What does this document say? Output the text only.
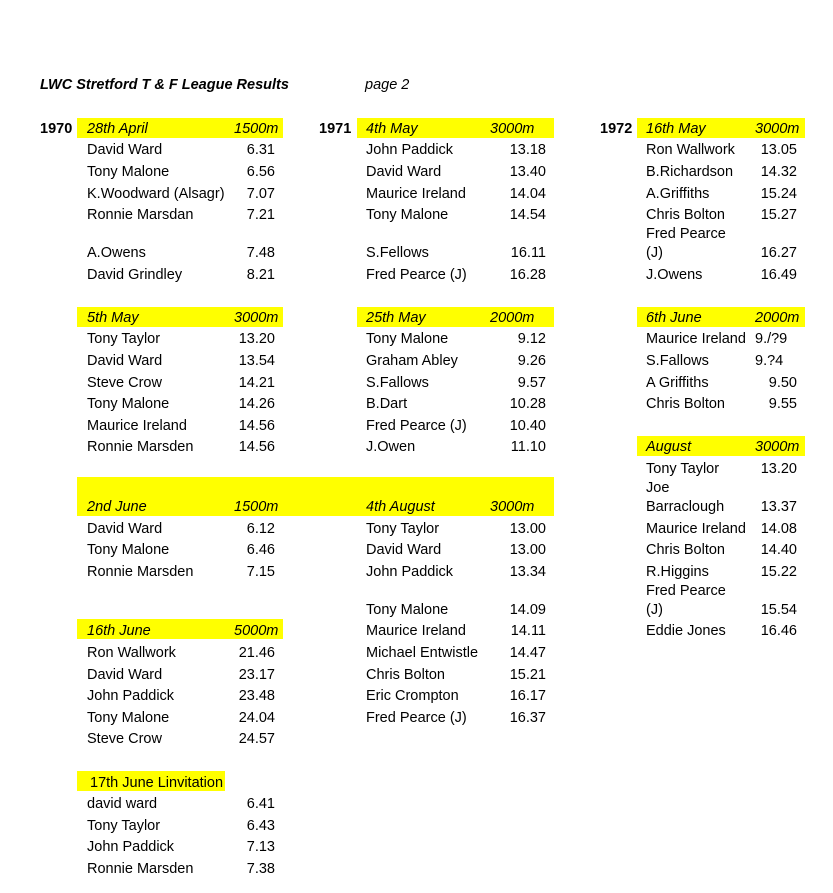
LWC Stretford T & F League Results	page 2
1970	1971	1972
28th April	1500m
David Ward	6.31
Tony Malone	6.56
K.Woodward (Alsagr) 7.07
Ronnie Marsdan	7.21
A.Owens	7.48
David Grindley	8.21
5th May	3000m
Tony Taylor	13.20
David Ward	13.54
Steve Crow	14.21
Tony Malone	14.26
Maurice Ireland	14.56
Ronnie Marsden	14.56
2nd June	1500m
David Ward	6.12
Tony Malone	6.46
Ronnie Marsden	7.15
16th June	5000m
Ron Wallwork	21.46
David Ward	23.17
John Paddick	23.48
Tony Malone	24.04
Steve Crow	24.57
17th June Linvitation
david ward	6.41
Tony Taylor	6.43
John Paddick	7.13
Ronnie Marsden	7.38
4th May	3000m
John Paddick	13.18
David Ward	13.40
Maurice Ireland	14.04
Tony Malone	14.54
S.Fellows	16.11
Fred Pearce (J)	16.28
25th May	2000m
Tony Malone	9.12
Graham Abley	9.26
S.Fallows	9.57
B.Dart	10.28
Fred Pearce (J)	10.40
J.Owen	11.10
4th August	3000m
Tony Taylor	13.00
David Ward	13.00
John Paddick	13.34
Tony Malone	14.09
Maurice Ireland	14.11
Michael Entwistle 14.47
Chris Bolton	15.21
Eric Crompton	16.17
Fred Pearce (J)	16.37
16th May	3000m
Ron Wallwork 13.05
B.Richardson 14.32
A.Griffiths	15.24
Chris Bolton 15.27
Fred Pearce
(J)	16.27
J.Owens	16.49
6th June	2000m
Maurice Ireland 9./?9
S.Fallows	9.?4
A Griffiths	9.50
Chris Bolton	9.55
August	3000m
Tony Taylor	13.20
Joe
Barraclough	13.37
Maurice Ireland 14.08
Chris Bolton 14.40
R.Higgins	15.22
Fred Pearce
(J)	15.54
Eddie Jones 16.46
